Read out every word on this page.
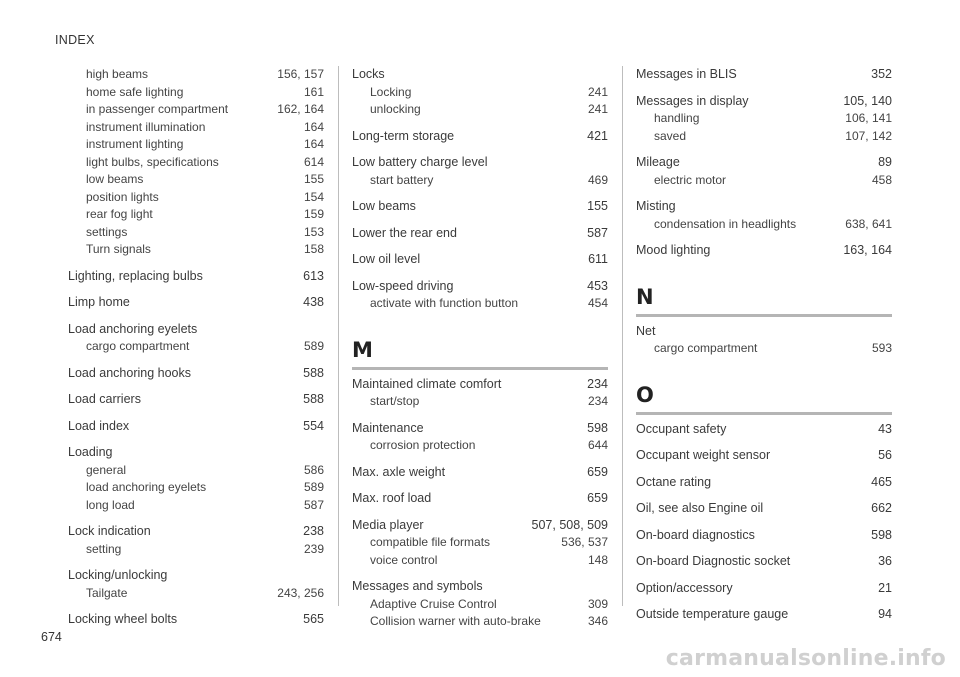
INDEX
high beams	156, 157
home safe lighting	161
in passenger compartment	162, 164
instrument illumination	164
instrument lighting	164
light bulbs, specifications	614
low beams	155
position lights	154
rear fog light	159
settings	153
Turn signals	158
Lighting, replacing bulbs	613
Limp home	438
Load anchoring eyelets
cargo compartment	589
Load anchoring hooks	588
Load carriers	588
Load index	554
Loading
general	586
load anchoring eyelets	589
long load	587
Lock indication	238
setting	239
Locking/unlocking
Tailgate	243, 256
Locking wheel bolts	565
Locks
Locking	241
unlocking	241
Long-term storage	421
Low battery charge level
start battery	469
Low beams	155
Lower the rear end	587
Low oil level	611
Low-speed driving	453
activate with function button	454
M
Maintained climate comfort	234
start/stop	234
Maintenance	598
corrosion protection	644
Max. axle weight	659
Max. roof load	659
Media player	507, 508, 509
compatible file formats	536, 537
voice control	148
Messages and symbols
Adaptive Cruise Control	309
Collision warner with auto-brake	346
Messages in BLIS	352
Messages in display	105, 140
handling	106, 141
saved	107, 142
Mileage	89
electric motor	458
Misting
condensation in headlights	638, 641
Mood lighting	163, 164
N
Net
cargo compartment	593
O
Occupant safety	43
Occupant weight sensor	56
Octane rating	465
Oil, see also Engine oil	662
On-board diagnostics	598
On-board Diagnostic socket	36
Option/accessory	21
Outside temperature gauge	94
674
carmanualsonline.info
